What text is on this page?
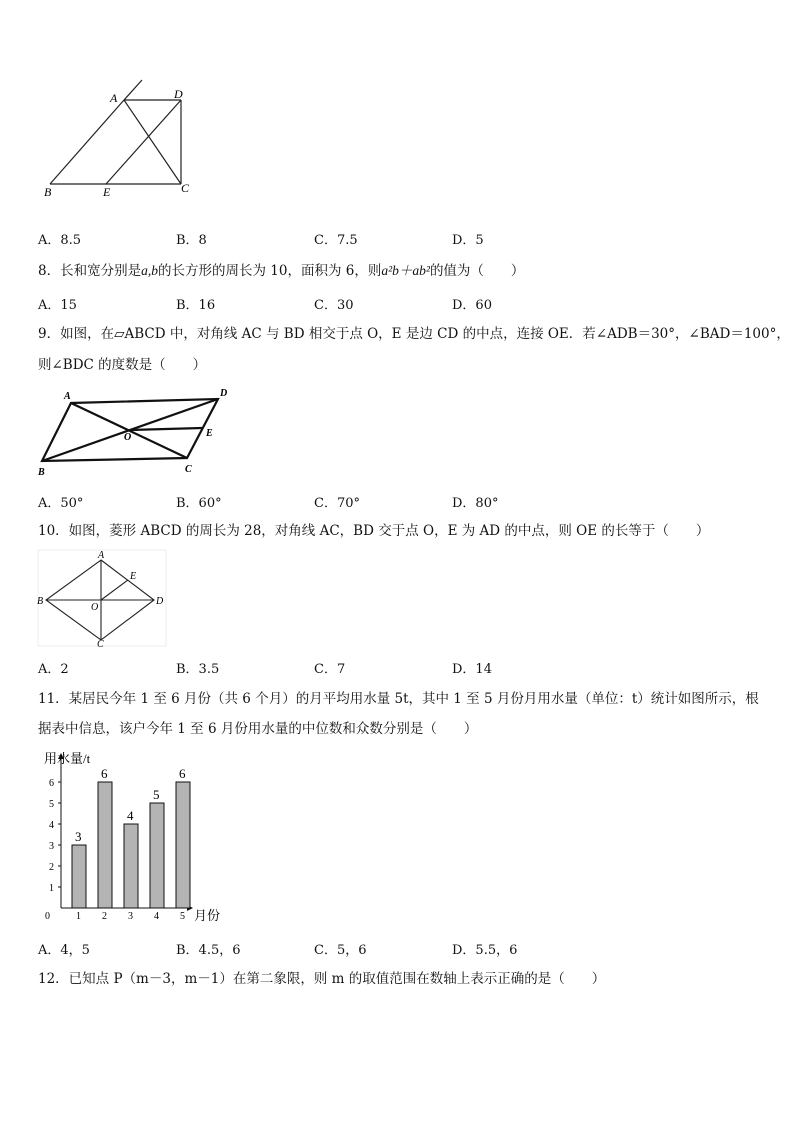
A	D
B	E	C
A．8.5	B．8	C．7.5	D．5
8．长和宽分别是a,b的长方形的周长为 10，面积为 6，则a²b＋ab²的值为（　　）
A．15	B．16	C．30	D．60
9．如图，在▱ABCD 中，对角线 AC 与 BD 相交于点 O，E 是边 CD 的中点，连接 OE．若∠ADB＝30°，∠BAD＝100°，
则∠BDC 的度数是（　　）
A	D
O	E
B	C
A．50°	B．60°	C．70°	D．80°
10．如图，菱形 ABCD 的周长为 28，对角线 AC，BD 交于点 O，E 为 AD 的中点，则 OE 的长等于（　　）
A
E
B
O
D
C
A．2	B．3.5	C．7	D．14
11．某居民今年 1 至 6 月份（共 6 个月）的月平均用水量 5t，其中 1 至 5 月份月用水量（单位：t）统计如图所示，根
据表中信息，该户今年 1 至 6 月份用水量的中位数和众数分别是（　　）
用水量/t
月份
0
1
2
3
4
5
6
3
1
6
2
4
3
5
4
6
5
A．4，5	B．4.5，6	C．5，6	D．5.5，6
12．已知点 P（m－3，m－1）在第二象限，则 m 的取值范围在数轴上表示正确的是（　　）
